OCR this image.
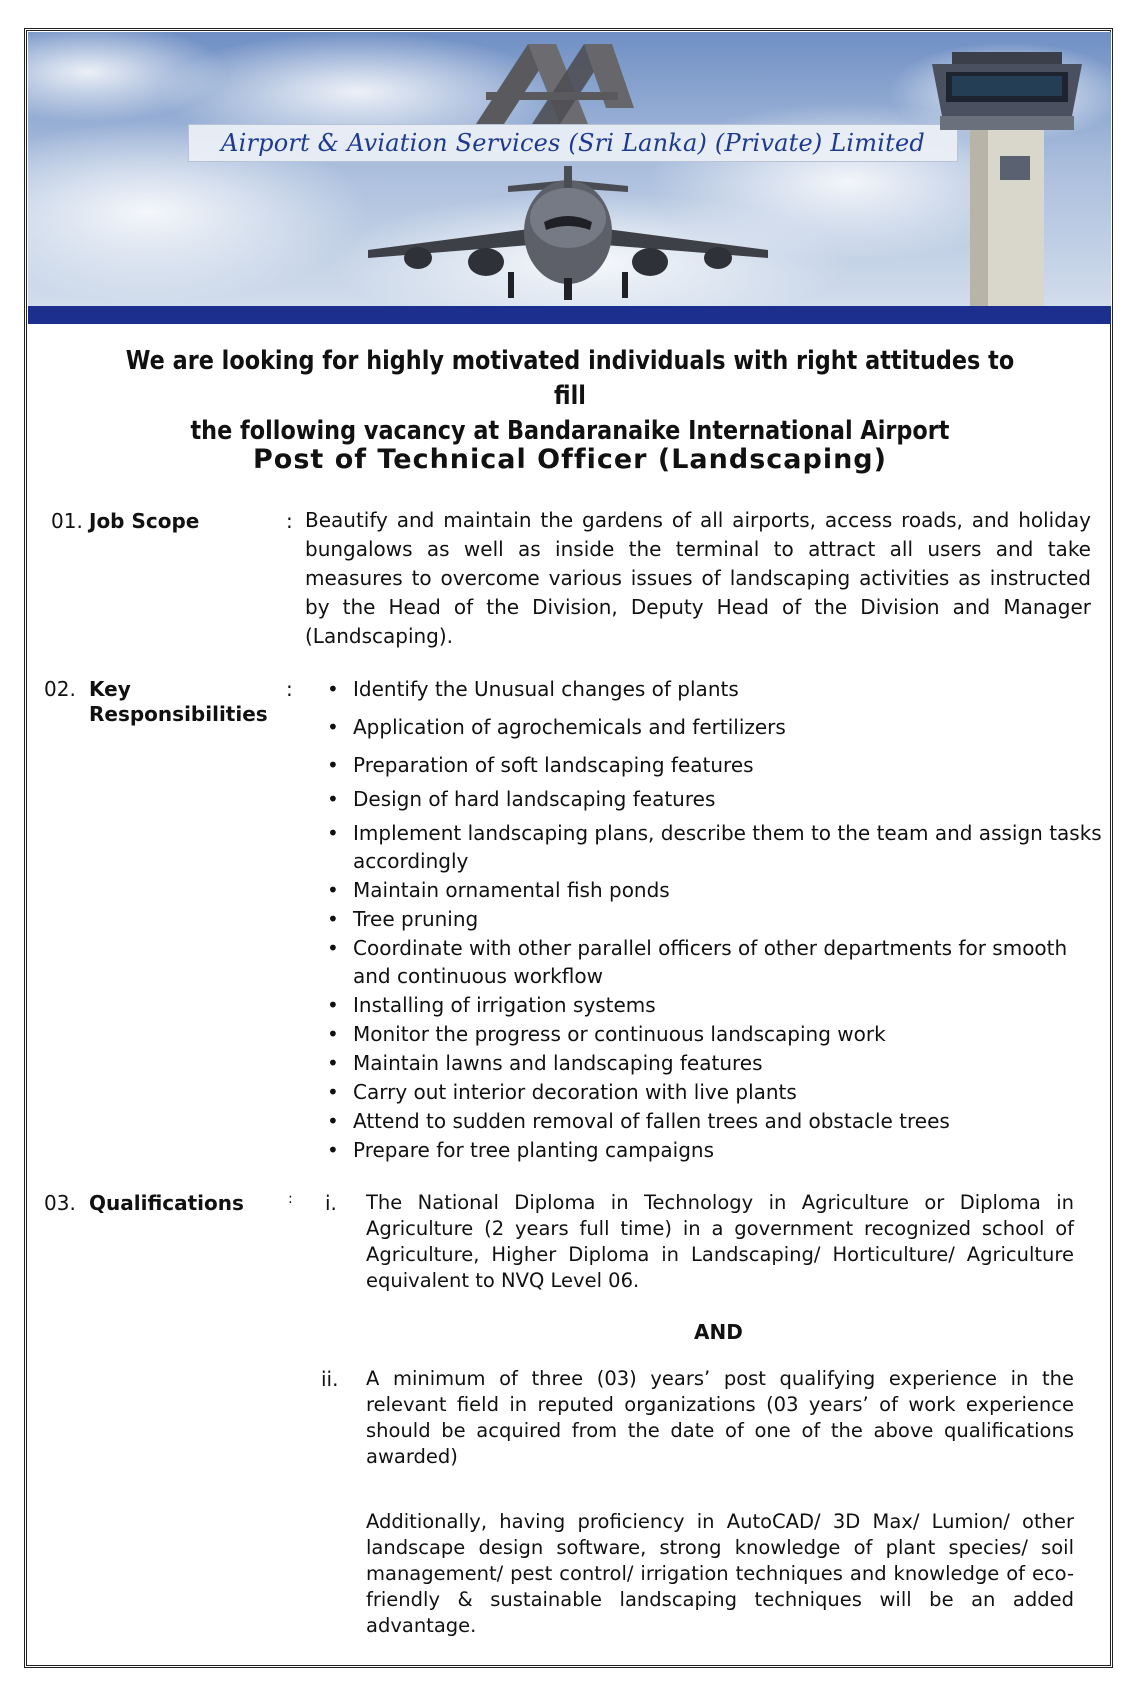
Airport & Aviation Services (Sri Lanka) (Private) Limited
We are looking for highly motivated individuals with right attitudes to fill
the following vacancy at Bandaranaike International Airport
Post of Technical Officer (Landscaping)
01. Job Scope	: Beautify and maintain the gardens of all airports, access roads, and holiday bungalows as well as inside the terminal to attract all users and take measures to overcome various issues of landscaping activities as instructed by the Head of the Division, Deputy Head of the Division and Manager (Landscaping).
02. Key
Responsibilities
:
•	Identify the Unusual changes of plants
• Application of agrochemicals and fertilizers
• Preparation of soft landscaping features
• Design of hard landscaping features
• Implement landscaping plans, describe them to the team and assign tasks accordingly
• Maintain ornamental fish ponds
• Tree pruning
• Coordinate with other parallel officers of other departments for smooth and continuous workflow
• Installing of irrigation systems
• Monitor the progress or continuous landscaping work
• Maintain lawns and landscaping features
• Carry out interior decoration with live plants
• Attend to sudden removal of fallen trees and obstacle trees
• Prepare for tree planting campaigns
03. Qualifications	: i. The National Diploma in Technology in Agriculture or Diploma in Agriculture (2 years full time) in a government recognized school of Agriculture, Higher Diploma in Landscaping/ Horticulture/ Agriculture equivalent to NVQ Level 06.
AND
ii. A minimum of three (03) years’ post qualifying experience in the relevant field in reputed organizations (03 years’ of work experience should be acquired from the date of one of the above qualifications awarded)
Additionally, having proficiency in AutoCAD/ 3D Max/ Lumion/ other landscape design software, strong knowledge of plant species/ soil management/ pest control/ irrigation techniques and knowledge of eco- friendly & sustainable landscaping techniques will be an added advantage.
